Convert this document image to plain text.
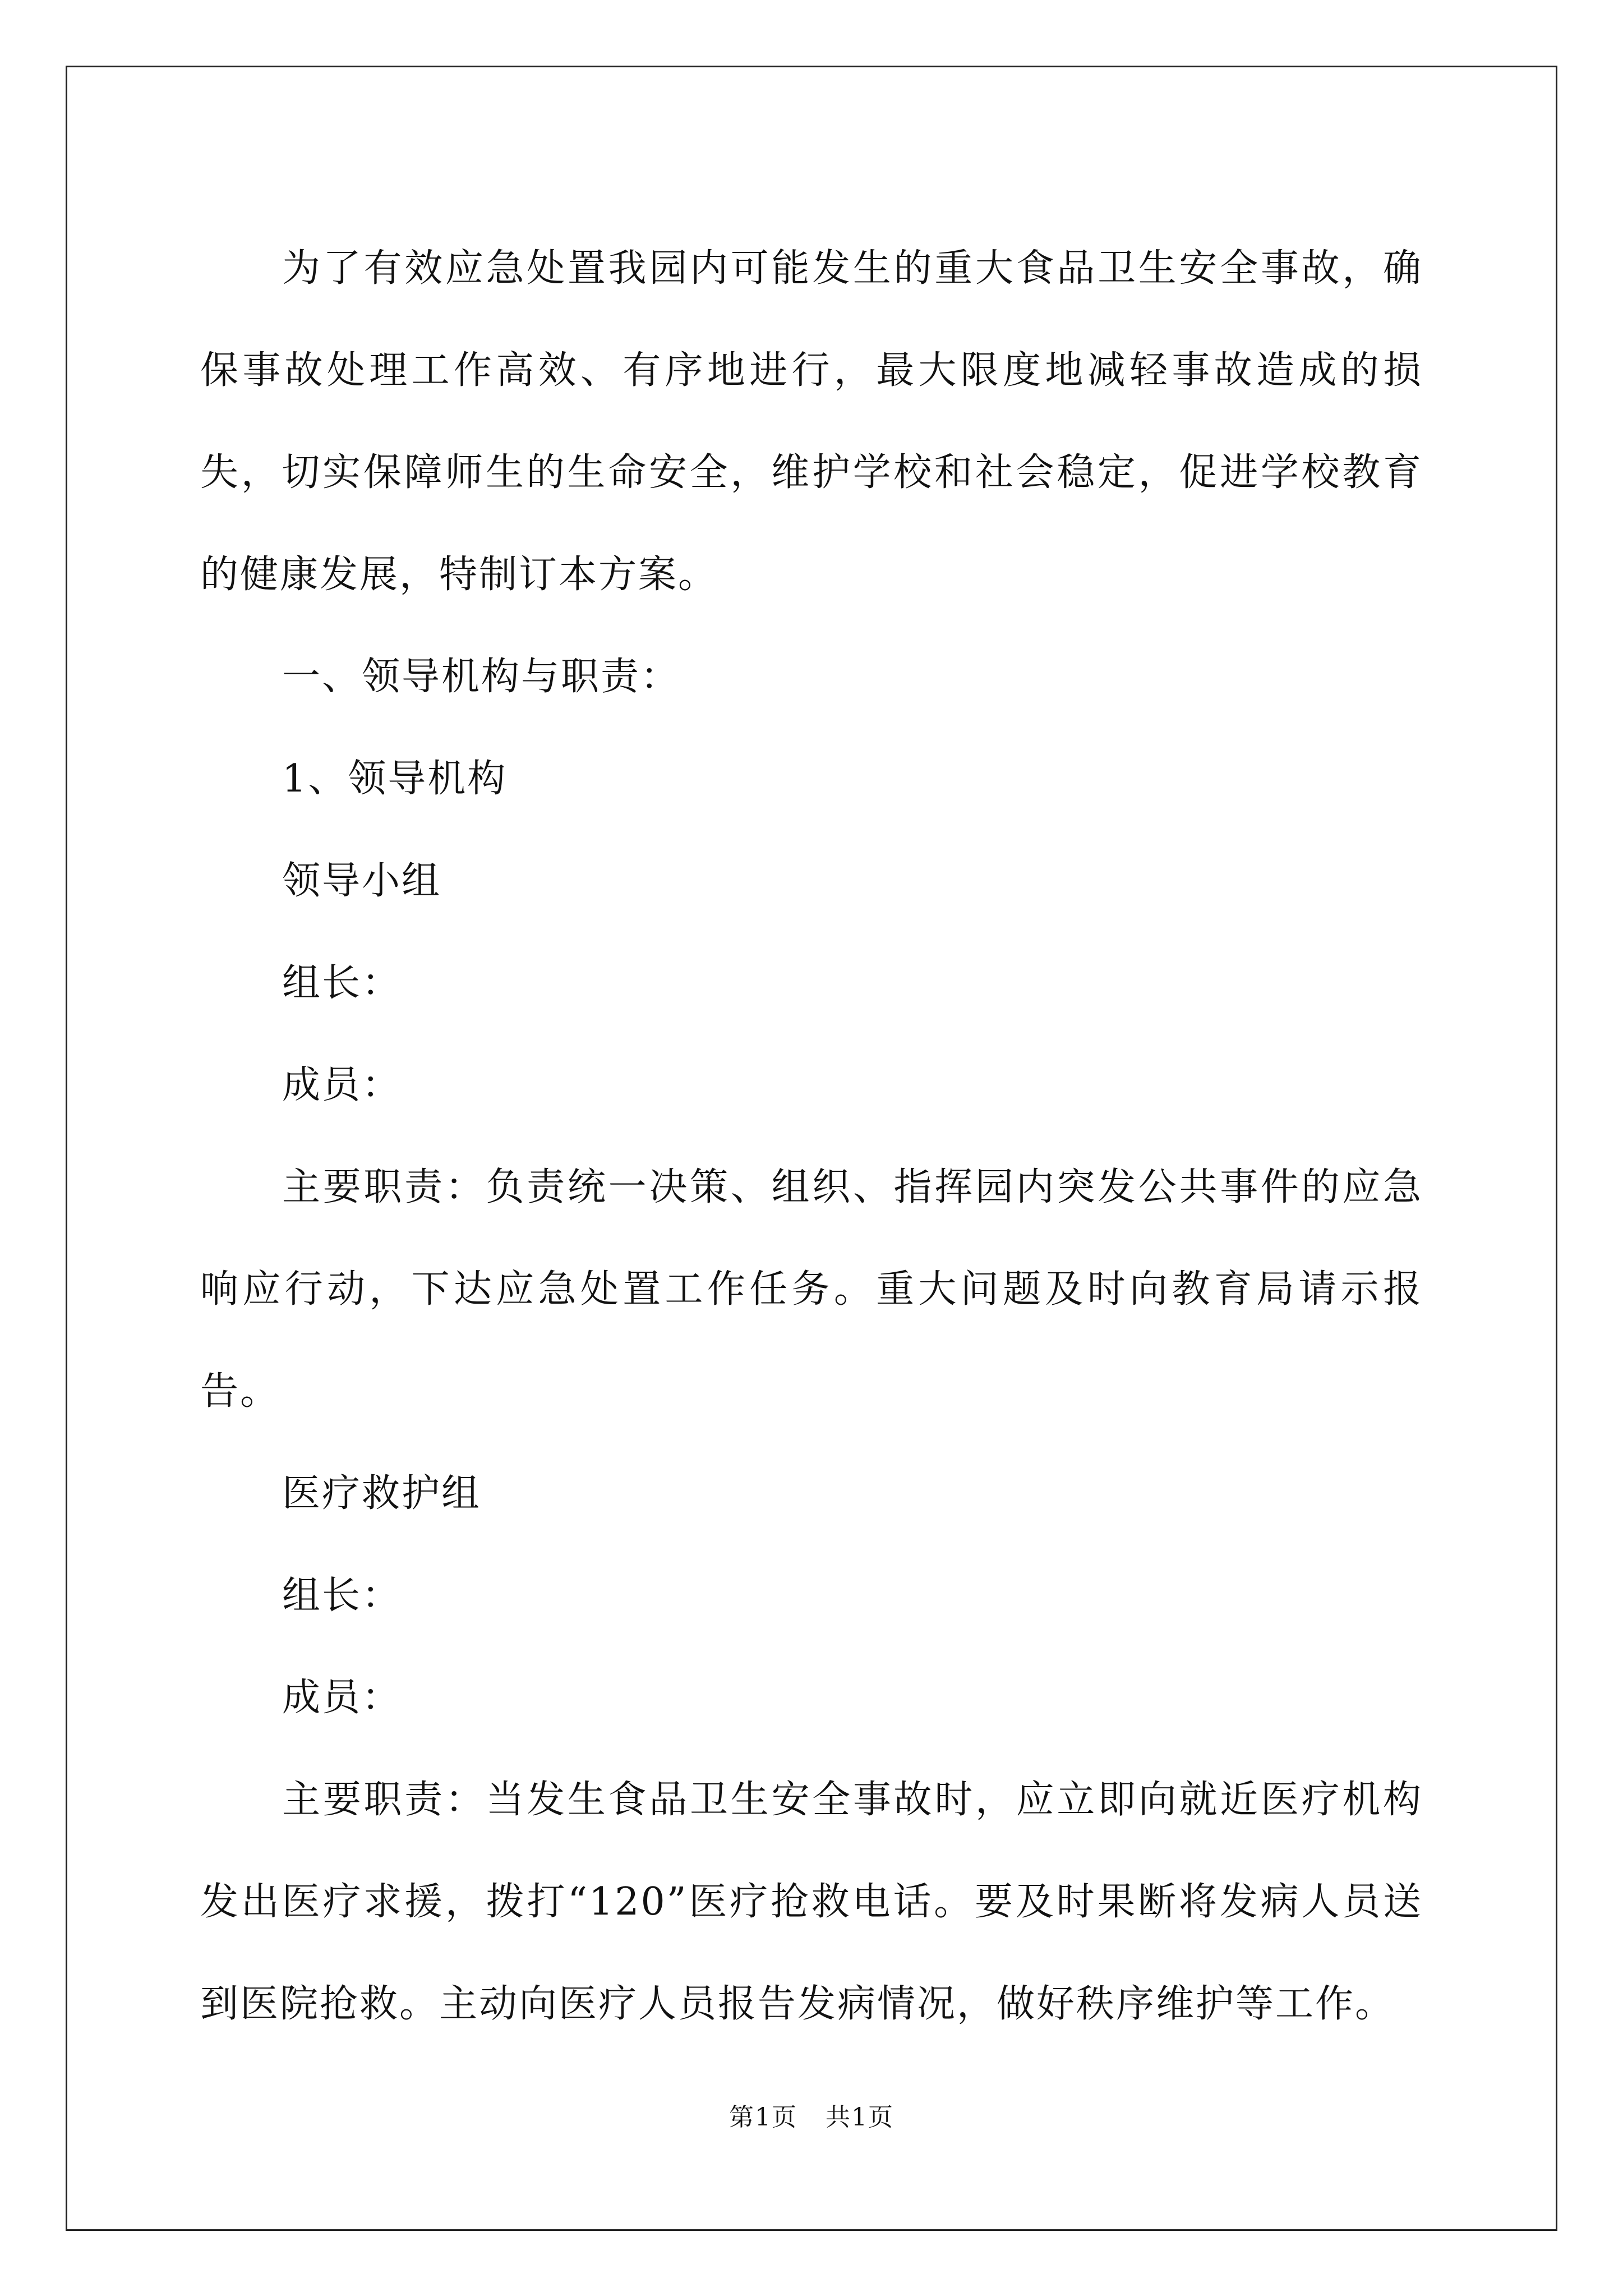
为了有效应急处置我园内可能发生的重大食品卫生安全事故，确保事故处理工作高效、有序地进行，最大限度地减轻事故造成的损失，切实保障师生的生命安全，维护学校和社会稳定，促进学校教育的健康发展，特制订本方案。

一、领导机构与职责：

1、领导机构

领导小组

组长：

成员：

主要职责：负责统一决策、组织、指挥园内突发公共事件的应急响应行动，下达应急处置工作任务。重大问题及时向教育局请示报告。

医疗救护组

组长：

成员：

主要职责：当发生食品卫生安全事故时，应立即向就近医疗机构发出医疗求援，拨打“120”医疗抢救电话。要及时果断将发病人员送到医院抢救。主动向医疗人员报告发病情况，做好秩序维护等工作。

第1页 共1页
